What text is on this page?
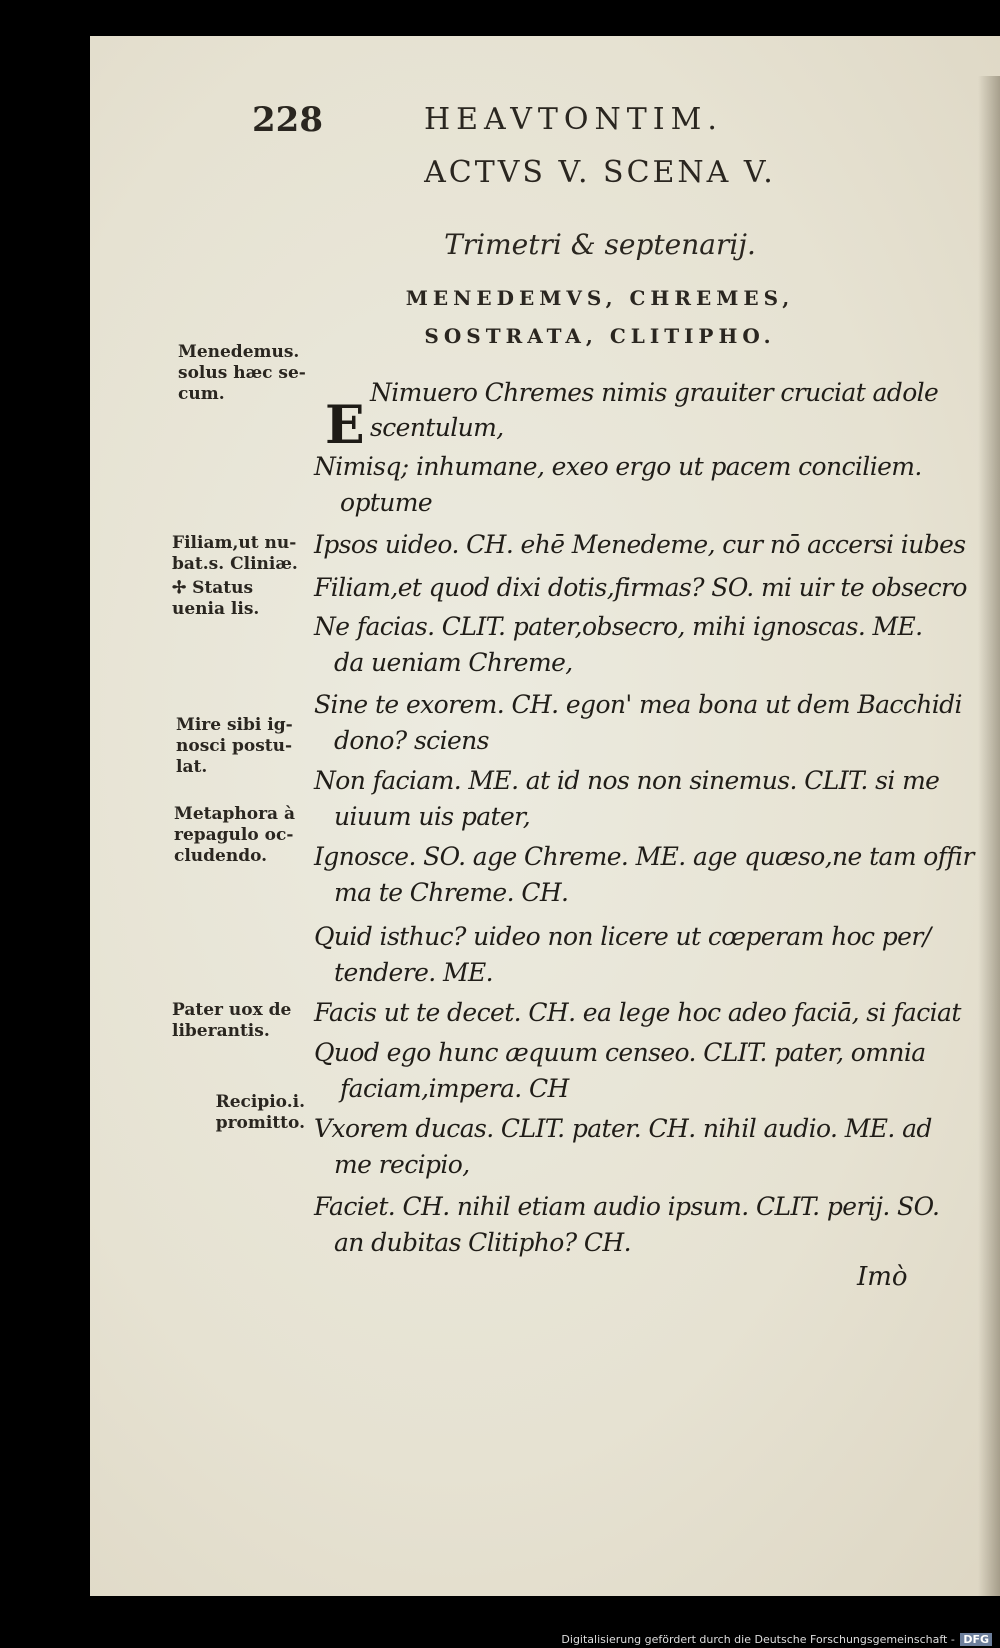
228	HEAVTONTIM.
ACTVS V. SCENA V.
Trimetri & septenarij.
MENEDEMVS, CHREMES,
SOSTRATA, CLITIPHO.
Menedemus. solus hæc se-cum.
Filiam,ut nu-bat.s. Cliniæ.
✢ Status uenia lis.
Mire sibi ig-nosci postu-lat.
Metaphora à repagulo oc-cludendo.
Pater uox de liberantis.
Recipio.i. promitto.
E
Nimuero Chremes nimis grauiter cruciat adole
scentulum,
Nimisq; inhumane, exeo ergo ut pacem conciliem.
optume
Ipsos uideo. CH. ehē Menedeme, cur nō accersi iubes
Filiam,et quod dixi dotis,firmas? SO. mi uir te obsecro
Ne facias. CLIT. pater,obsecro, mihi ignoscas. ME.
da ueniam Chreme,
Sine te exorem. CH. egon' mea bona ut dem Bacchidi
dono? sciens
Non faciam. ME. at id nos non sinemus. CLIT. si me
uiuum uis pater,
Ignosce. SO. age Chreme. ME. age quæso,ne tam offir
ma te Chreme. CH.
Quid isthuc? uideo non licere ut cœperam hoc per/
tendere. ME.
Facis ut te decet. CH. ea lege hoc adeo faciā, si faciat
Quod ego hunc æquum censeo. CLIT. pater, omnia
faciam,impera. CH
Vxorem ducas. CLIT. pater. CH. nihil audio. ME. ad
me recipio,
Faciet. CH. nihil etiam audio ipsum. CLIT. perij. SO.
an dubitas Clitipho? CH.
Imò
Digitalisierung gefördert durch die Deutsche Forschungsgemeinschaft - DFG
